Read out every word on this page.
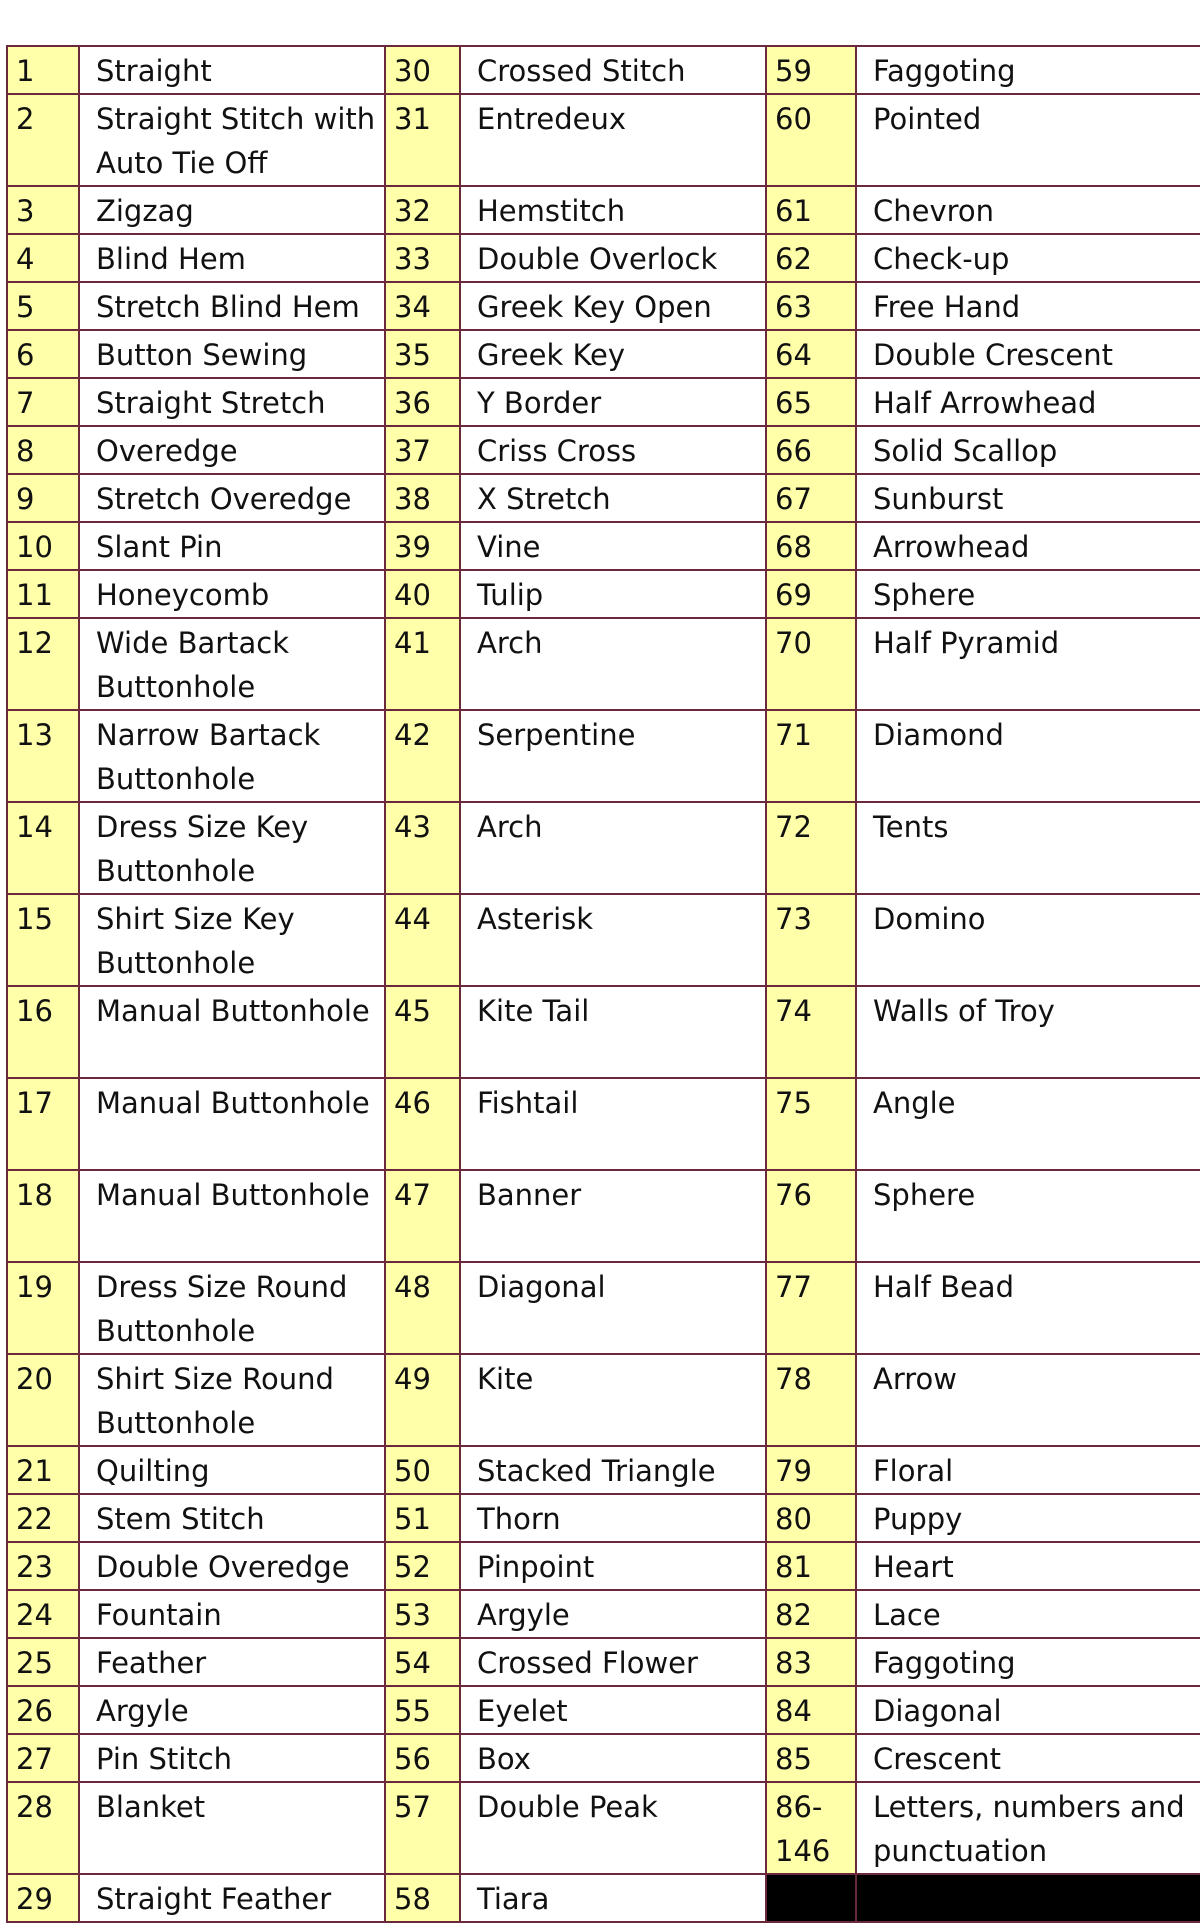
1	Straight	30	Crossed Stitch	59	Faggoting
2	Straight Stitch with Auto Tie Off	31	Entredeux	60	Pointed
3	Zigzag	32	Hemstitch	61	Chevron
4	Blind Hem	33	Double Overlock	62	Check-up
5	Stretch Blind Hem	34	Greek Key Open	63	Free Hand
6	Button Sewing	35	Greek Key	64	Double Crescent
7	Straight Stretch	36	Y Border	65	Half Arrowhead
8	Overedge	37	Criss Cross	66	Solid Scallop
9	Stretch Overedge	38	X Stretch	67	Sunburst
10	Slant Pin	39	Vine	68	Arrowhead
11	Honeycomb	40	Tulip	69	Sphere
12	Wide Bartack Buttonhole	41	Arch	70	Half Pyramid
13	Narrow Bartack Buttonhole	42	Serpentine	71	Diamond
14	Dress Size Key Buttonhole	43	Arch	72	Tents
15	Shirt Size Key Buttonhole	44	Asterisk	73	Domino
16	Manual Buttonhole	45	Kite Tail	74	Walls of Troy
17	Manual Buttonhole	46	Fishtail	75	Angle
18	Manual Buttonhole	47	Banner	76	Sphere
19	Dress Size Round Buttonhole	48	Diagonal	77	Half Bead
20	Shirt Size Round Buttonhole	49	Kite	78	Arrow
21	Quilting	50	Stacked Triangle	79	Floral
22	Stem Stitch	51	Thorn	80	Puppy
23	Double Overedge	52	Pinpoint	81	Heart
24	Fountain	53	Argyle	82	Lace
25	Feather	54	Crossed Flower	83	Faggoting
26	Argyle	55	Eyelet	84	Diagonal
27	Pin Stitch	56	Box	85	Crescent
28	Blanket	57	Double Peak	86-146	Letters, numbers and punctuation
29	Straight Feather	58	Tiara		
